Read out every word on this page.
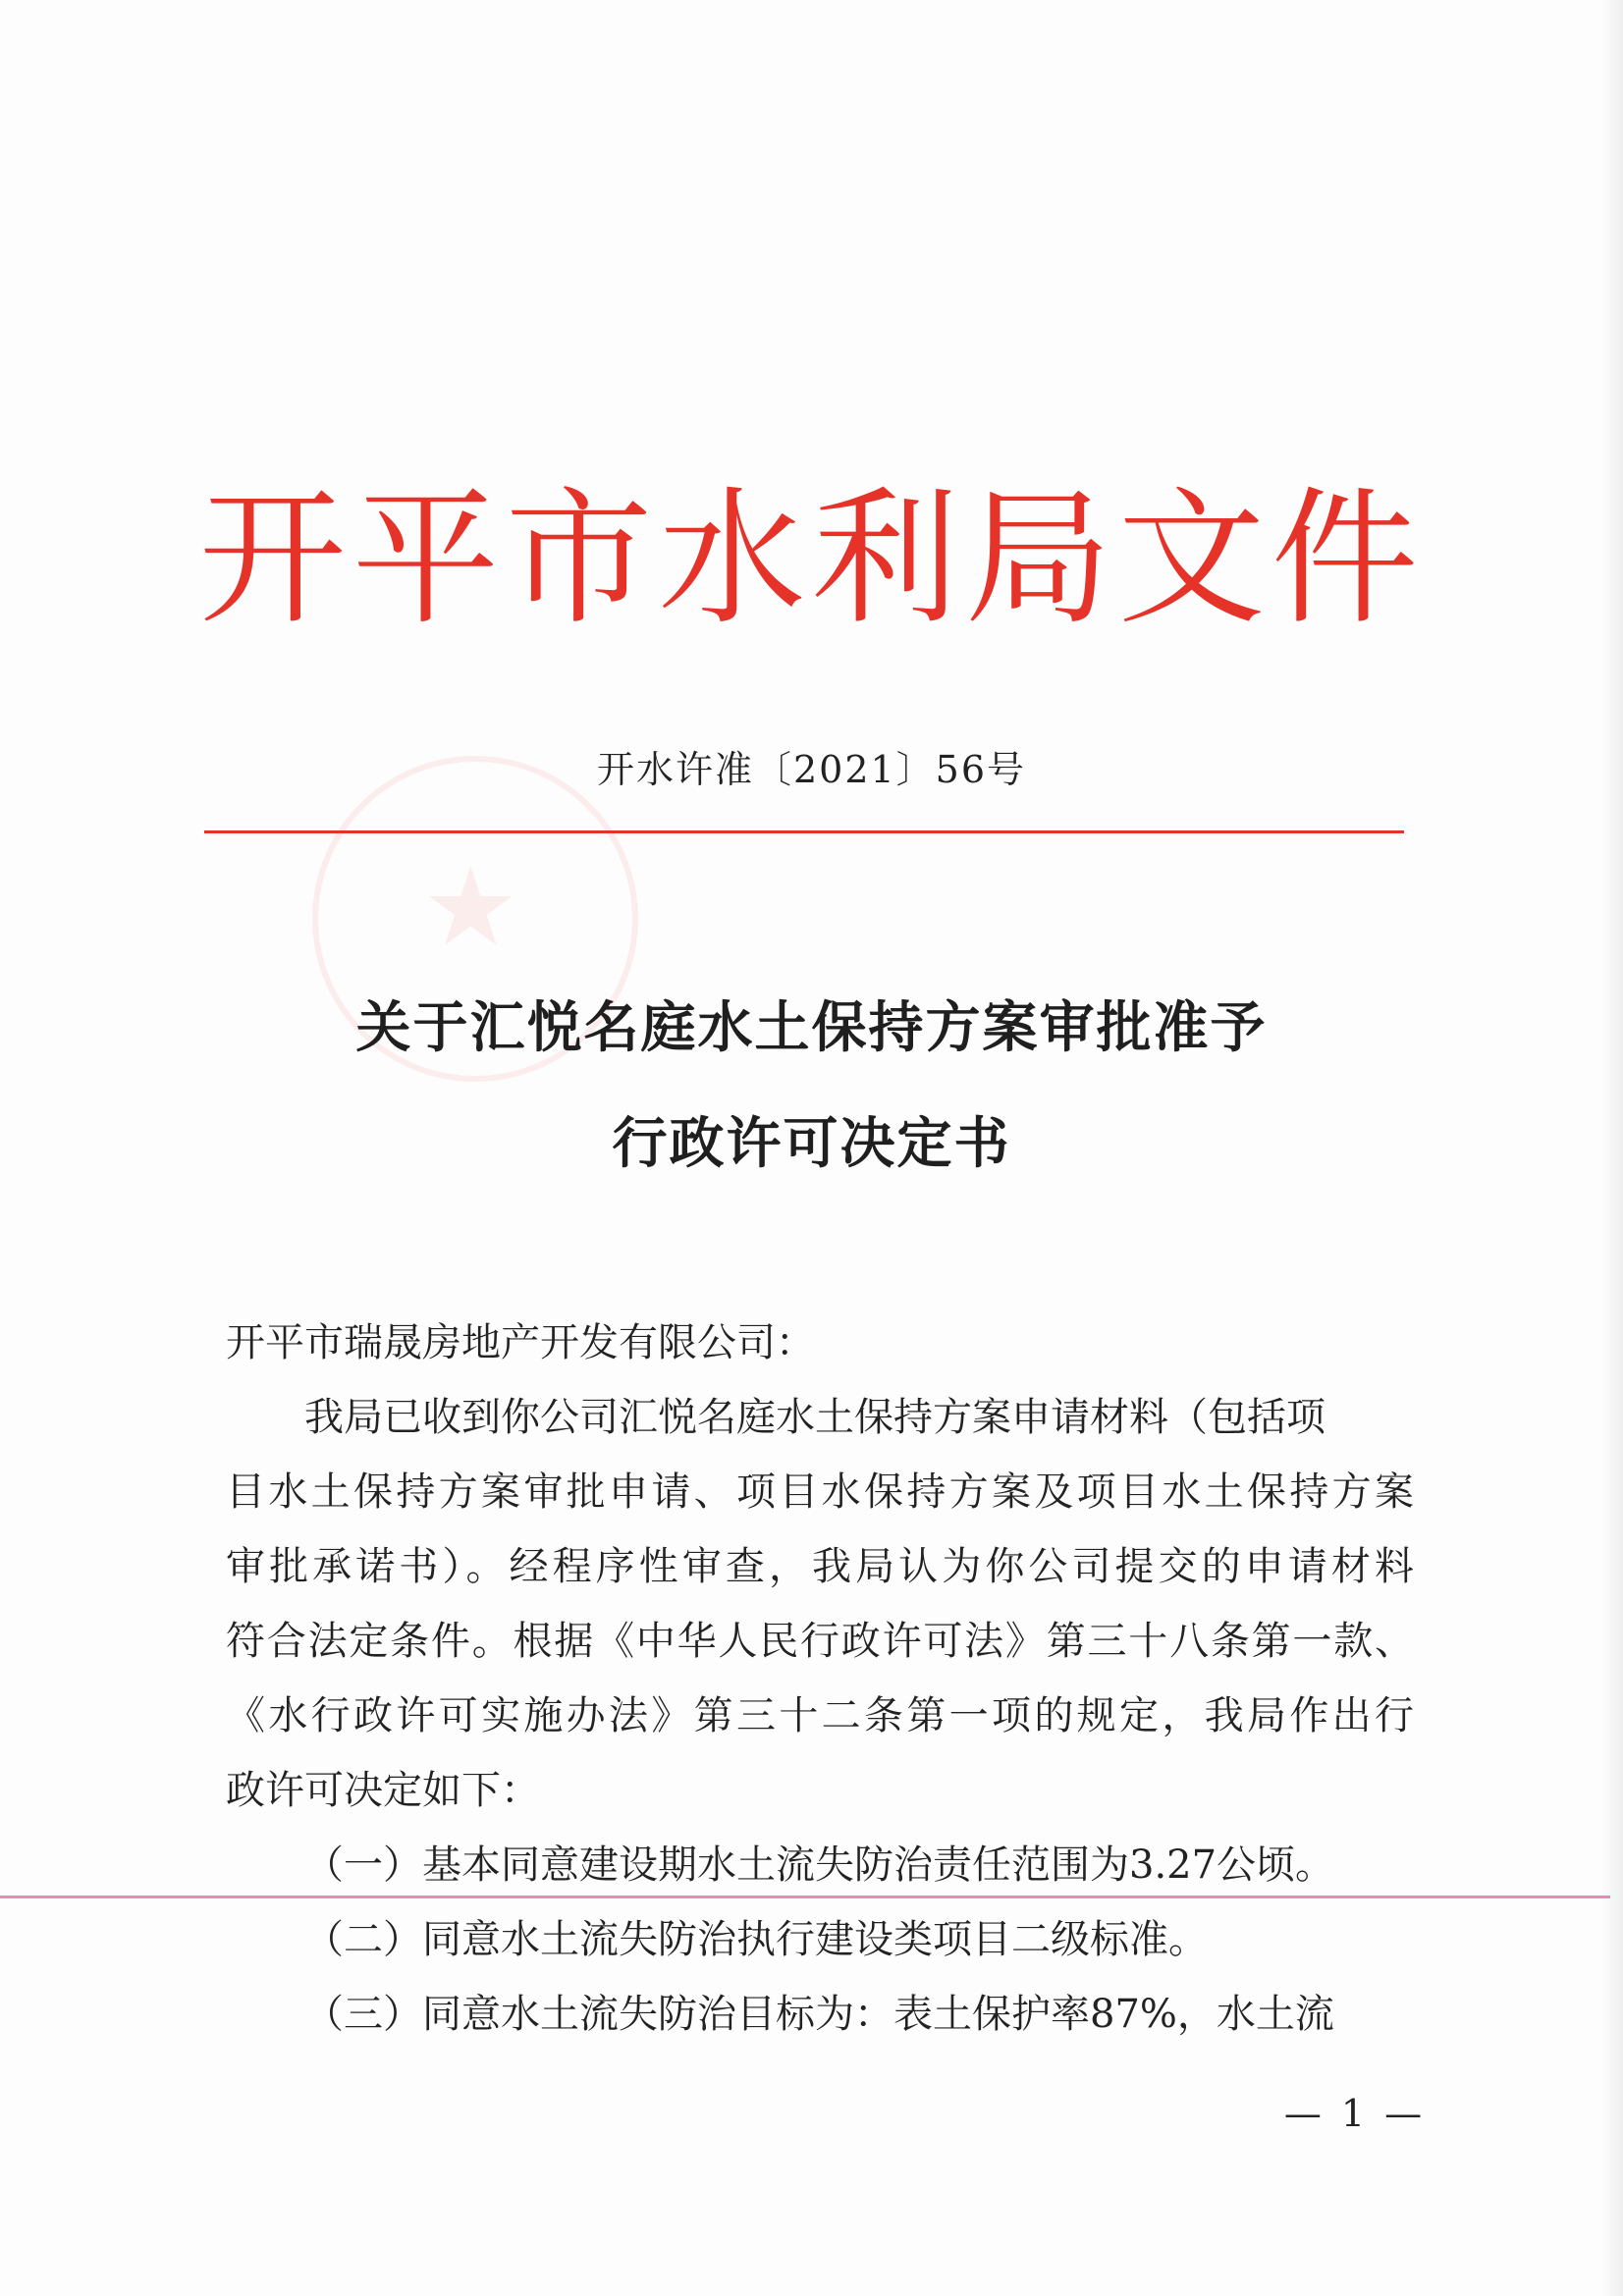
★
开平市水利局文件
开水许准〔2021〕56号
关于汇悦名庭水土保持方案审批准予
行政许可决定书
开平市瑞晟房地产开发有限公司：
我局已收到你公司汇悦名庭水土保持方案申请材料（包括项
目水土保持方案审批申请、项目水保持方案及项目水土保持方案
审批承诺书）。经程序性审查，我局认为你公司提交的申请材料
符合法定条件。根据《中华人民行政许可法》第三十八条第一款、
《水行政许可实施办法》第三十二条第一项的规定，我局作出行
政许可决定如下：
（一）基本同意建设期水土流失防治责任范围为3.27公顷。
（二）同意水土流失防治执行建设类项目二级标准。
（三）同意水土流失防治目标为：表土保护率87%，水土流
— 1 —
